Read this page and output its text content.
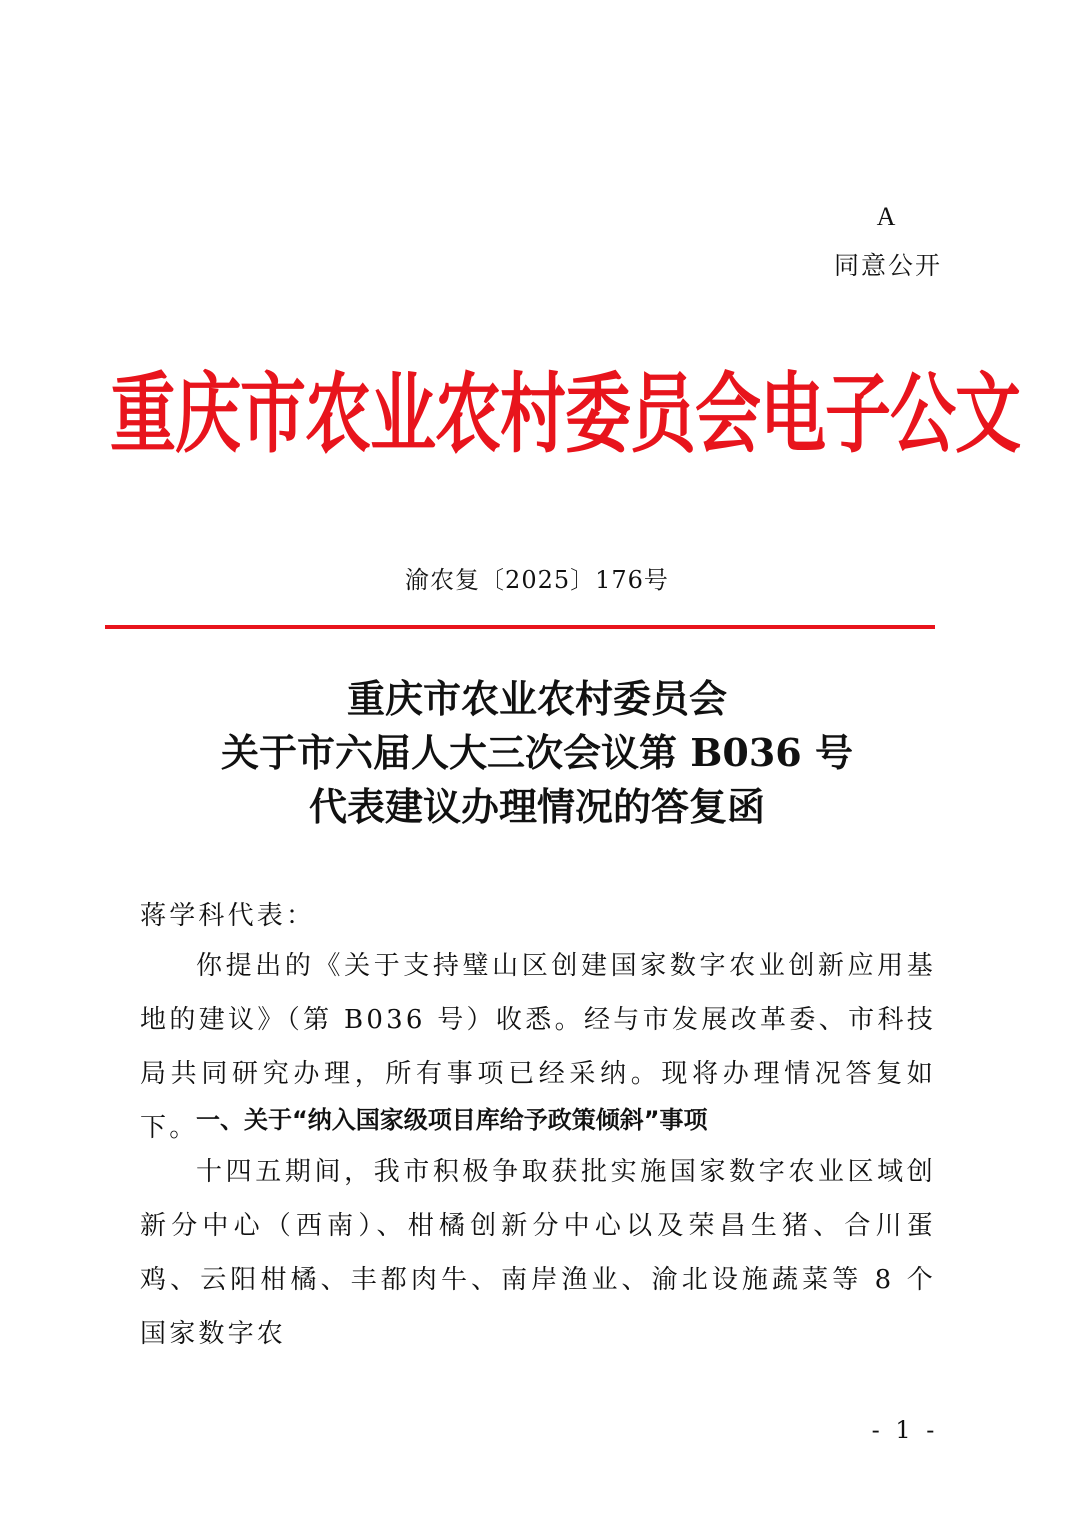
A
同意公开
重庆市农业农村委员会电子公文
渝农复〔2025〕176号
重庆市农业农村委员会
关于市六届人大三次会议第 B036 号
代表建议办理情况的答复函
蒋学科代表：
你提出的《关于支持璧山区创建国家数字农业创新应用基地的建议》（第 B036 号）收悉。经与市发展改革委、市科技局共同研究办理，所有事项已经采纳。现将办理情况答复如下。
一、关于“纳入国家级项目库给予政策倾斜”事项
十四五期间，我市积极争取获批实施国家数字农业区域创新分中心（西南）、柑橘创新分中心以及荣昌生猪、合川蛋鸡、云阳柑橘、丰都肉牛、南岸渔业、渝北设施蔬菜等 8 个国家数字农
- 1 -
